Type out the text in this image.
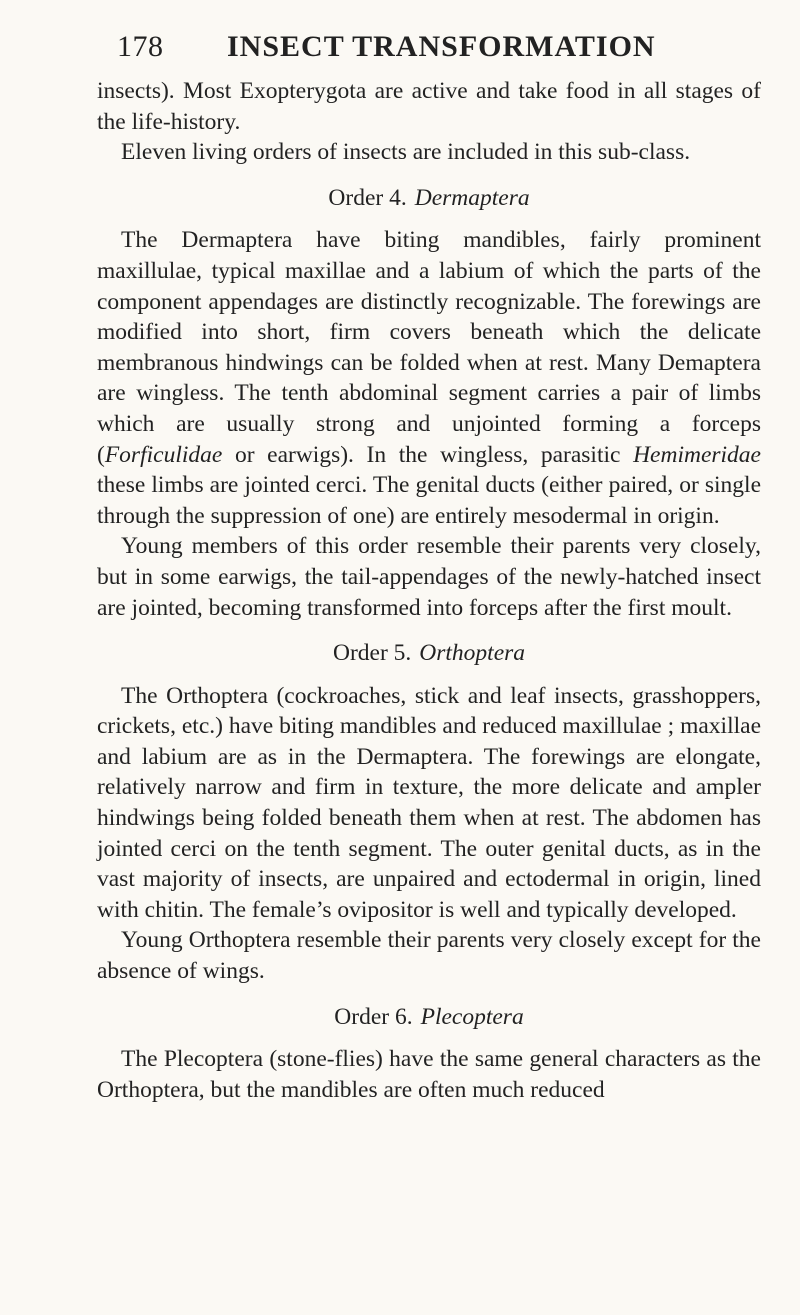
178 INSECT TRANSFORMATION

insects). Most Exopterygota are active and take food in all stages of the life-history.

Eleven living orders of insects are included in this sub-class.

Order 4. Dermaptera

The Dermaptera have biting mandibles, fairly prominent maxillulae, typical maxillae and a labium of which the parts of the component appendages are distinctly recognizable. The forewings are modified into short, firm covers beneath which the delicate membranous hindwings can be folded when at rest. Many Demaptera are wingless. The tenth abdominal segment carries a pair of limbs which are usually strong and unjointed forming a forceps (Forficulidae or earwigs). In the wingless, parasitic Hemimeridae these limbs are jointed cerci. The genital ducts (either paired, or single through the suppression of one) are entirely mesodermal in origin.

Young members of this order resemble their parents very closely, but in some earwigs, the tail-appendages of the newly-hatched insect are jointed, becoming transformed into forceps after the first moult.

Order 5. Orthoptera

The Orthoptera (cockroaches, stick and leaf insects, grasshoppers, crickets, etc.) have biting mandibles and reduced maxillulae ; maxillae and labium are as in the Dermaptera. The forewings are elongate, relatively narrow and firm in texture, the more delicate and ampler hindwings being folded beneath them when at rest. The abdomen has jointed cerci on the tenth segment. The outer genital ducts, as in the vast majority of insects, are unpaired and ectodermal in origin, lined with chitin. The female’s ovipositor is well and typically developed.

Young Orthoptera resemble their parents very closely except for the absence of wings.

Order 6. Plecoptera

The Plecoptera (stone-flies) have the same general characters as the Orthoptera, but the mandibles are often much reduced
